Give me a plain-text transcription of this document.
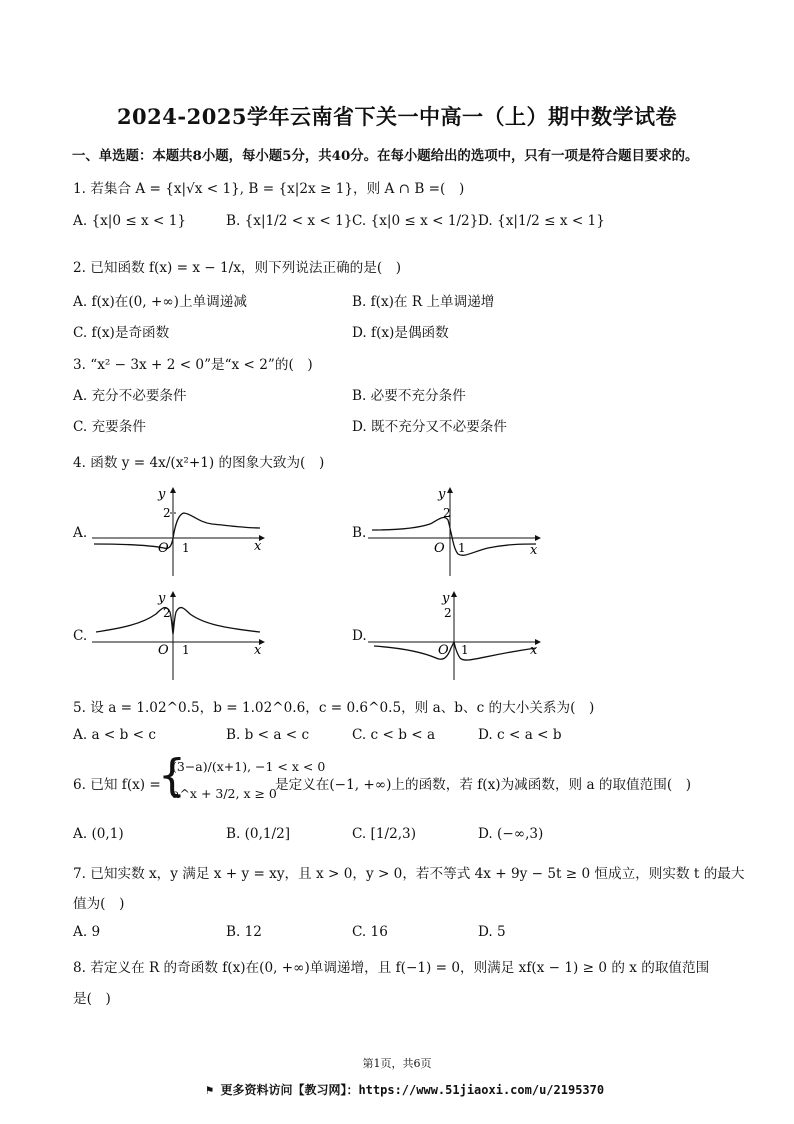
2024-2025学年云南省下关一中高一（上）期中数学试卷
一、单选题：本题共8小题，每小题5分，共40分。在每小题给出的选项中，只有一项是符合题目要求的。
1. 若集合 A = {x|√x < 1}, B = {x|2x ≥ 1}，则 A ∩ B =(　)
A. {x|0 ≤ x < 1}	B. {x|1/2 < x < 1} C. {x|0 ≤ x < 1/2} D. {x|1/2 ≤ x < 1}
2. 已知函数 f(x) = x − 1/x，则下列说法正确的是(　)
A. f(x)在(0, +∞)上单调递减	B. f(x)在 R 上单调递增
C. f(x)是奇函数	D. f(x)是偶函数
3. “x² − 3x + 2 < 0”是“x < 2”的(　)
A. 充分不必要条件	B. 必要不充分条件
C. 充要条件	D. 既不充分又不必要条件
4. 函数 y = 4x/(x²+1) 的图象大致为(　)
A.	B.
C.	D.
y
2
O 1	x
y
2
O 1	x
y
2
O 1	x
y
2
O 1	x
5. 设 a = 1.02^0.5，b = 1.02^0.6，c = 0.6^0.5，则 a、b、c 的大小关系为(　)
A. a < b < c	B. b < a < c	C. c < b < a	D. c < a < b
6. 已知 f(x) =
{
(3−a)/(x+1), −1 < x < 0
a^x + 3/2, x ≥ 0
是定义在(−1, +∞)上的函数，若 f(x)为减函数，则 a 的取值范围(　)
A. (0,1)	B. (0,1/2]	C. [1/2,3)	D. (−∞,3)
7. 已知实数 x，y 满足 x + y = xy，且 x > 0，y > 0，若不等式 4x + 9y − 5t ≥ 0 恒成立，则实数 t 的最大
值为(　)
A. 9	B. 12	C. 16	D. 5
8. 若定义在 R 的奇函数 f(x)在(0, +∞)单调递增，且 f(−1) = 0，则满足 xf(x − 1) ≥ 0 的 x 的取值范围
是(　)
第1页，共6页
⚑ 更多资料访问【教习网】：https://www.51jiaoxi.com/u/2195370
